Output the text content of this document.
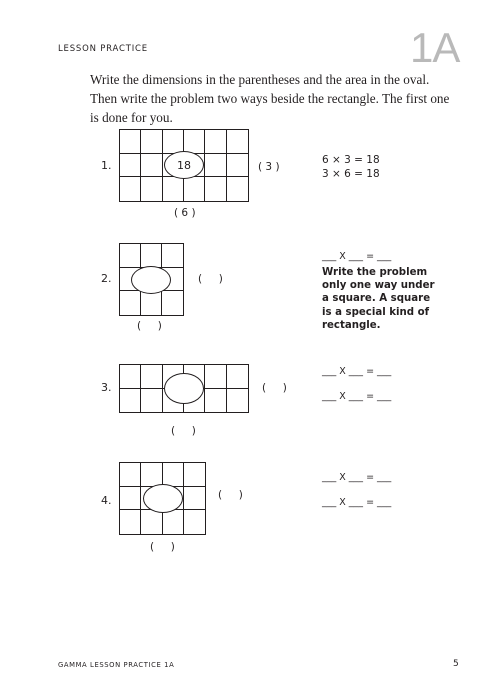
LESSON PRACTICE	1A
Write the dimensions in the parentheses and the area in the oval. Then write the problem two ways beside the rectangle. The first one is done for you.
1.	18	( 3 )
( 6 )
6 × 3 = 18
3 × 6 = 18
2.	(     )
(     )
___ X ___ = ___
Write the problem only one way under a square. A square is a special kind of rectangle.
3.	(     )
(     )
___ X ___ = ___
___ X ___ = ___
4.	(     )
(     )
___ X ___ = ___
___ X ___ = ___
GAMMA LESSON PRACTICE 1A	5
